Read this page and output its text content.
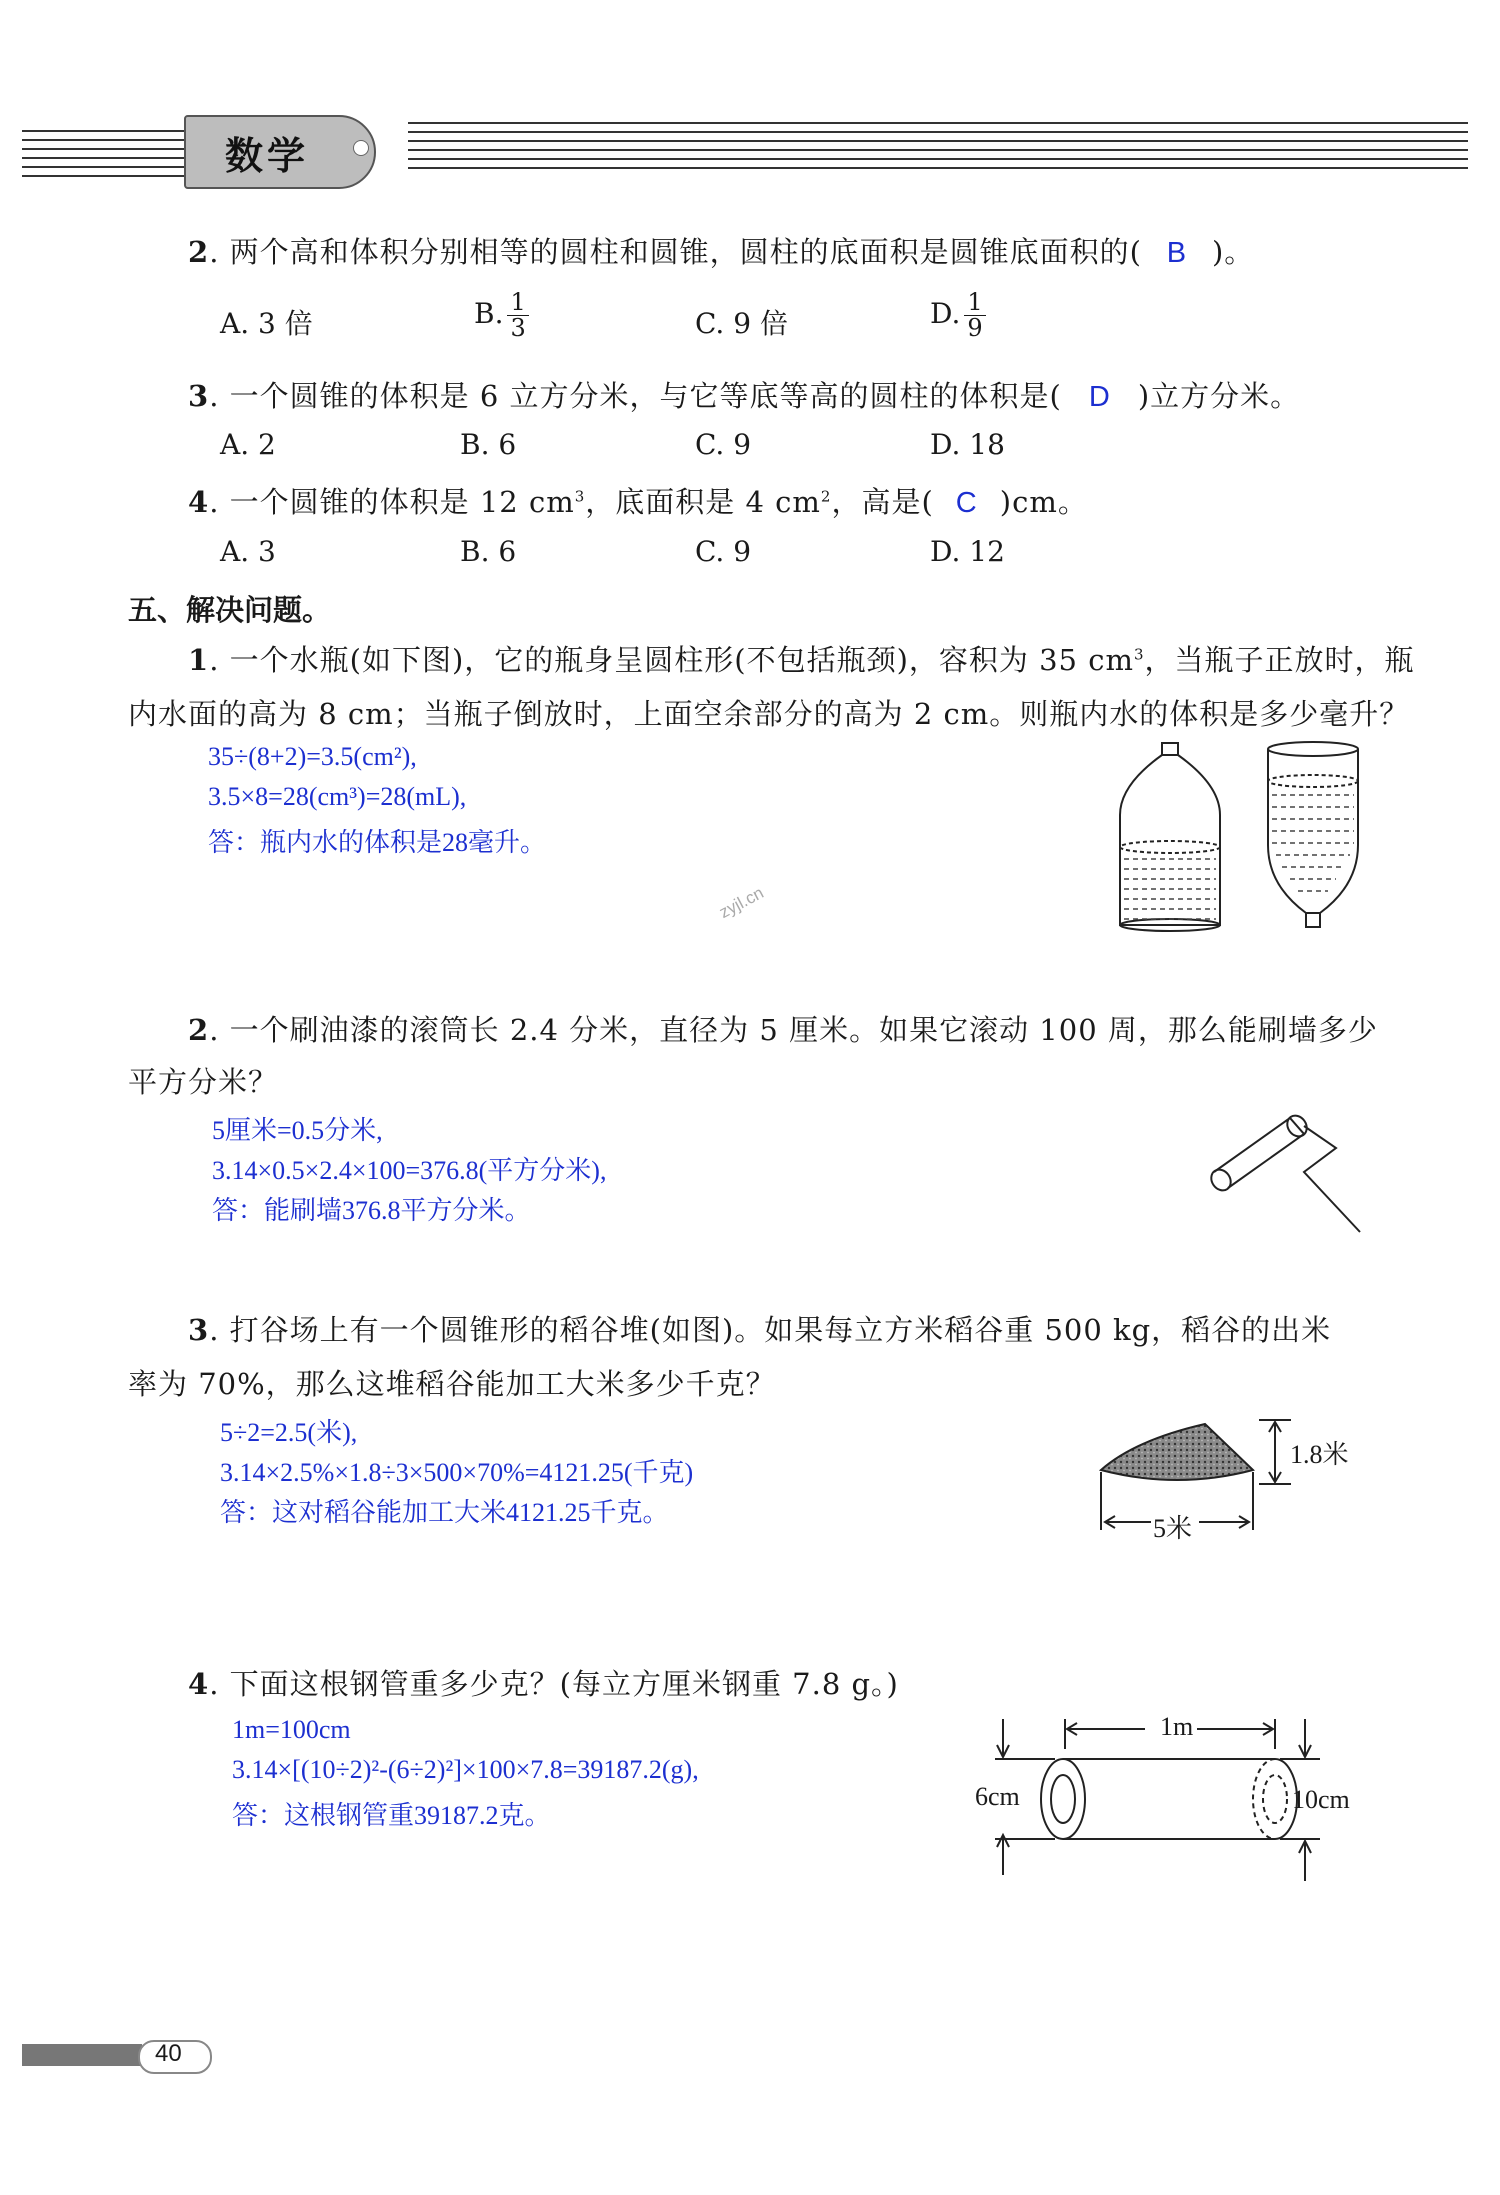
数学
2. 两个高和体积分别相等的圆柱和圆锥，圆柱的底面积是圆锥底面积的( B )。
A. 3 倍	B. $\frac{1}{3}$	C. 9 倍	D. $\frac{1}{9}$
3. 一个圆锥的体积是 6 立方分米，与它等底等高的圆柱的体积是( D )立方分米。
A. 2	B. 6	C. 9	D. 18
4. 一个圆锥的体积是 12 $cm^3$，底面积是 4 $cm^2$，高是( C )cm。
A. 3	B. 6	C. 9	D. 12
五、解决问题。
1. 一个水瓶(如下图)，它的瓶身呈圆柱形(不包括瓶颈)，容积为 35 $cm^3$，当瓶子正放时，瓶
内水面的高为 8 cm；当瓶子倒放时，上面空余部分的高为 2 cm。则瓶内水的体积是多少毫升？
35÷(8+2)=3.5(cm²),
3.5×8=28(cm³)=28(mL),
答：瓶内水的体积是28毫升。
zyjl.cn
2. 一个刷油漆的滚筒长 2.4 分米，直径为 5 厘米。如果它滚动 100 周，那么能刷墙多少
平方分米？
5厘米=0.5分米,
3.14×0.5×2.4×100=376.8(平方分米),
答：能刷墙376.8平方分米。
3. 打谷场上有一个圆锥形的稻谷堆(如图)。如果每立方米稻谷重 500 kg，稻谷的出米
率为 70%，那么这堆稻谷能加工大米多少千克？
5÷2=2.5(米),
3.14×2.5%×1.8÷3×500×70%=4121.25(千克)
答：这对稻谷能加工大米4121.25千克。
1.8米
5米
4. 下面这根钢管重多少克？(每立方厘米钢重 7.8 g。)
1m=100cm
3.14×[(10÷2)²-(6÷2)²]×100×7.8=39187.2(g),
答：这根钢管重39187.2克。
1m
6cm	10cm
40
